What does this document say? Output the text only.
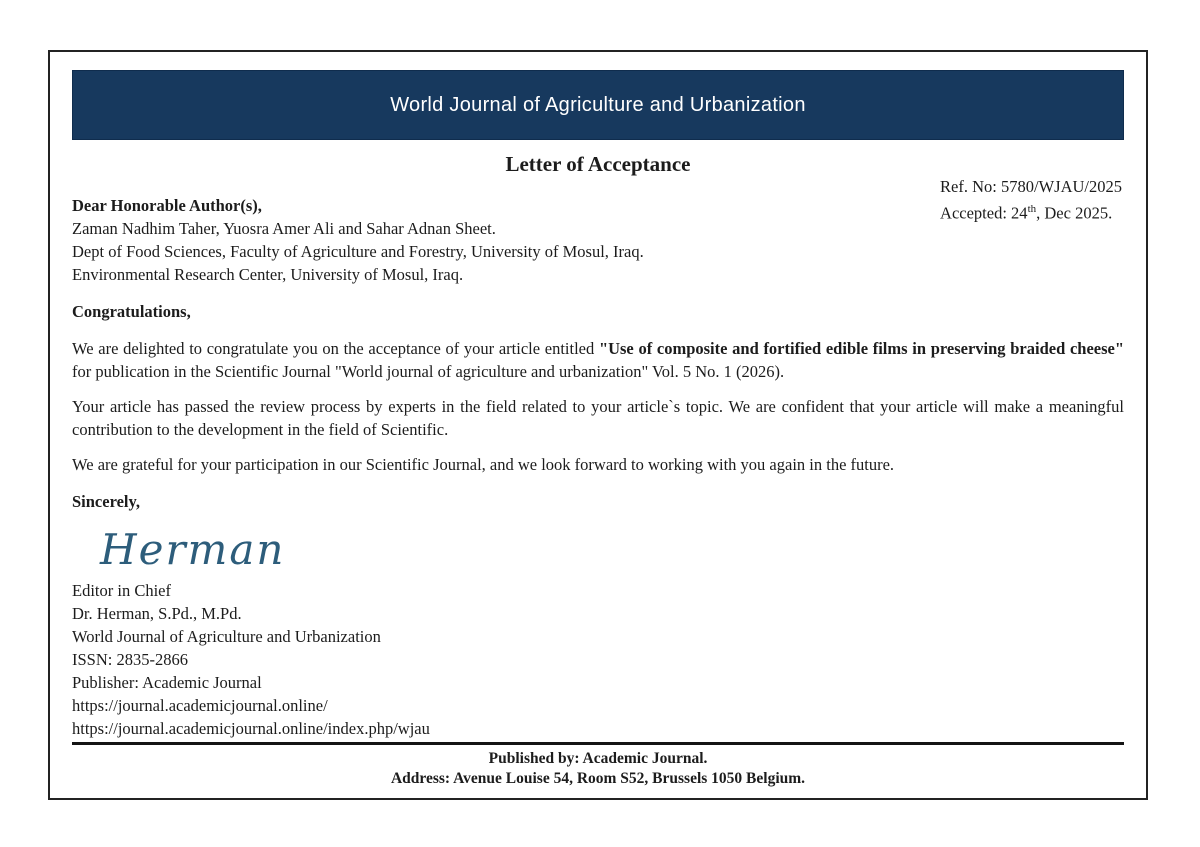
World Journal of Agriculture and Urbanization
Letter of Acceptance
Ref. No: 5780/WJAU/2025
Accepted: 24th, Dec 2025.
Dear Honorable Author(s),
Zaman Nadhim Taher, Yuosra Amer Ali and Sahar Adnan Sheet.
Dept of Food Sciences, Faculty of Agriculture and Forestry, University of Mosul, Iraq.
Environmental Research Center, University of Mosul, Iraq.
Congratulations,

We are delighted to congratulate you on the acceptance of your article entitled "Use of composite and fortified edible films in preserving braided cheese" for publication in the Scientific Journal "World journal of agriculture and urbanization" Vol. 5 No. 1 (2026).

Your article has passed the review process by experts in the field related to your article`s topic. We are confident that your article will make a meaningful contribution to the development in the field of Scientific.

We are grateful for your participation in our Scientific Journal, and we look forward to working with you again in the future.

Sincerely,
Herman
Editor in Chief
Dr. Herman, S.Pd., M.Pd.
World Journal of Agriculture and Urbanization
ISSN: 2835-2866
Publisher: Academic Journal
https://journal.academicjournal.online/
https://journal.academicjournal.online/index.php/wjau
Published by: Academic Journal.
Address: Avenue Louise 54, Room S52, Brussels 1050 Belgium.
